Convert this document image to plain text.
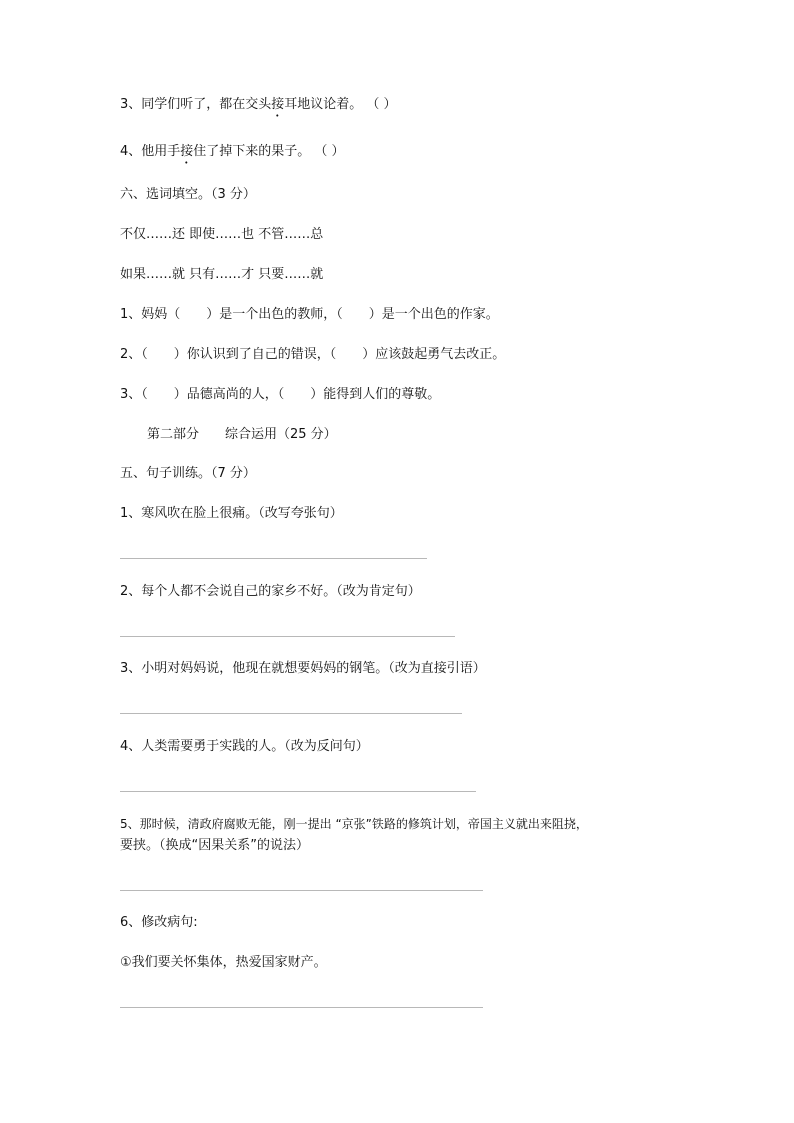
3、同学们听了，都在交头接耳地议论着。 （ ）
4、他用手接住了掉下来的果子。 （ ）
六、选词填空。（3 分）
不仅……还 即使……也 不管……总
如果……就 只有……才 只要……就
1、妈妈（　　）是一个出色的教师，（　　）是一个出色的作家。
2、（　　）你认识到了自己的错误，（　　）应该鼓起勇气去改正。
3、（　　）品德高尚的人，（　　）能得到人们的尊敬。
第二部分　　综合运用（25 分）
五、句子训练。（7 分）
1、寒风吹在脸上很痛。（改写夸张句）
2、每个人都不会说自己的家乡不好。（改为肯定句）
3、小明对妈妈说，他现在就想要妈妈的钢笔。（改为直接引语）
4、人类需要勇于实践的人。（改为反问句）
5、那时候，清政府腐败无能，刚一提出 “京张”铁路的修筑计划，帝国主义就出来阻挠，
要挟。（换成“因果关系”的说法）
6、修改病句:
①我们要关怀集体，热爱国家财产。
